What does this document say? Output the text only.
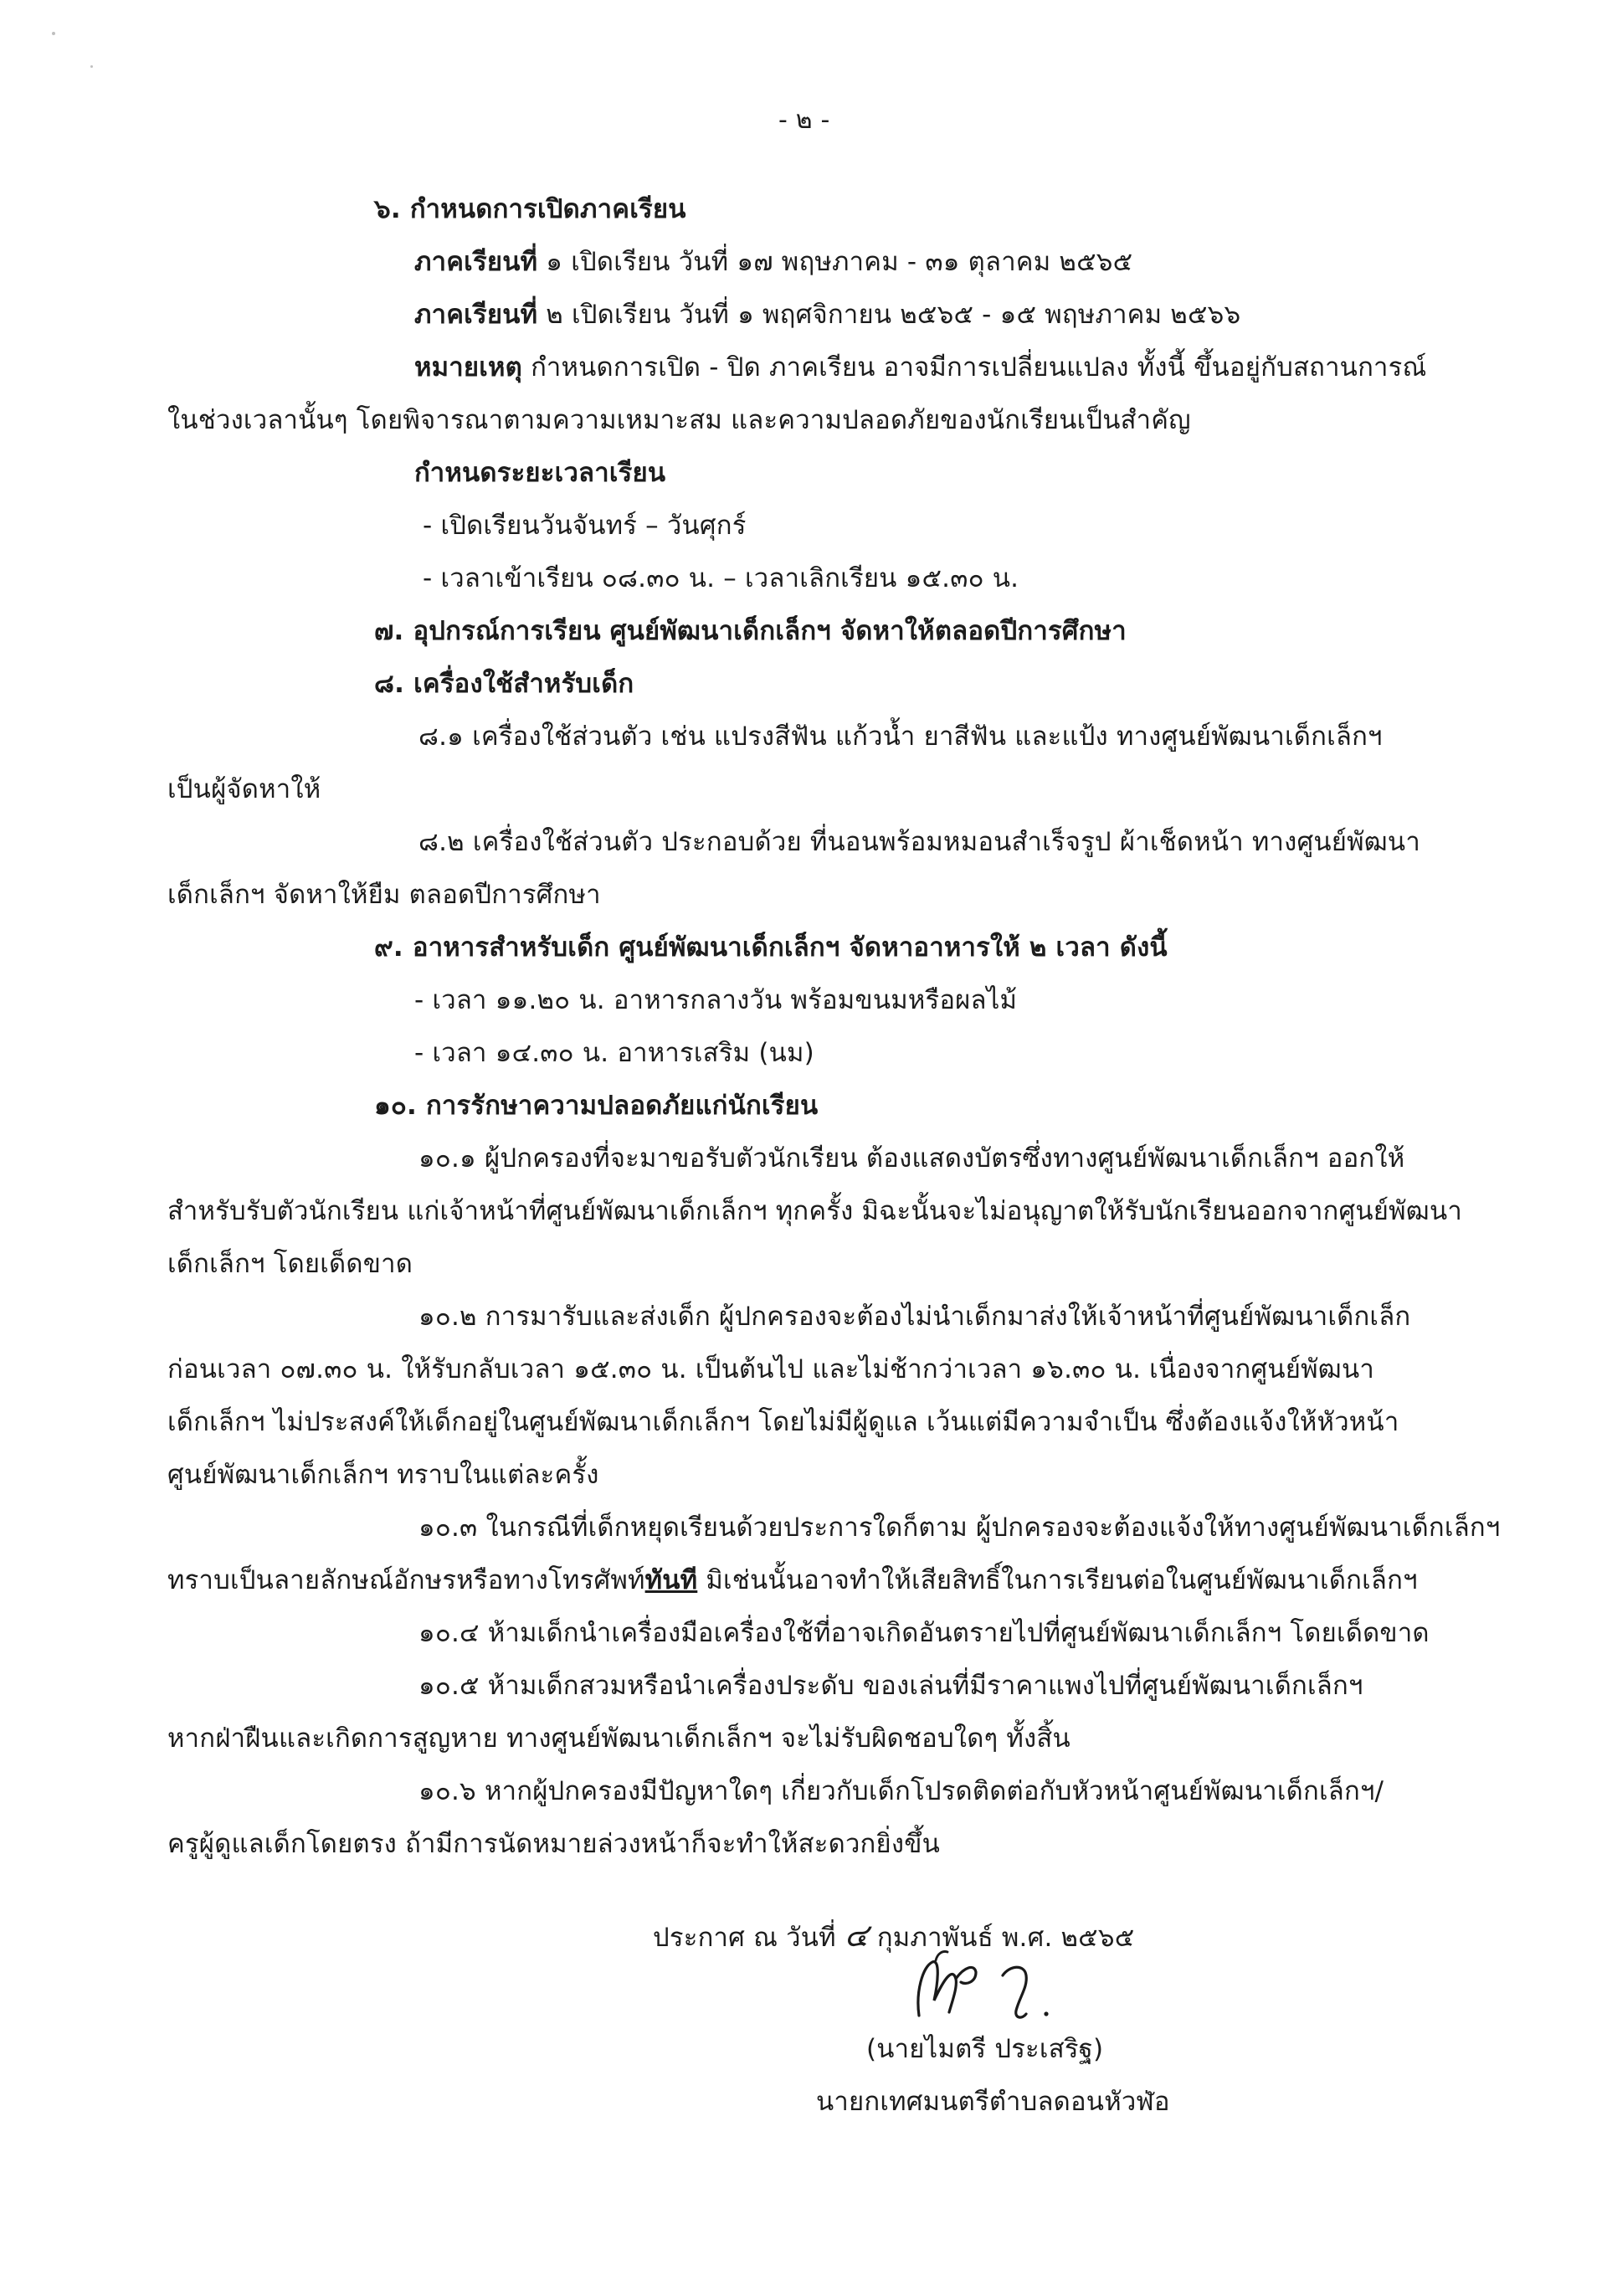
- ๒ -
๖. กำหนดการเปิดภาคเรียน
ภาคเรียนที่ ๑ เปิดเรียน วันที่ ๑๗ พฤษภาคม - ๓๑ ตุลาคม ๒๕๖๕
ภาคเรียนที่ ๒ เปิดเรียน วันที่ ๑ พฤศจิกายน ๒๕๖๕ - ๑๕ พฤษภาคม ๒๕๖๖
หมายเหตุ กำหนดการเปิด - ปิด ภาคเรียน อาจมีการเปลี่ยนแปลง ทั้งนี้ ขึ้นอยู่กับสถานการณ์
ในช่วงเวลานั้นๆ โดยพิจารณาตามความเหมาะสม และความปลอดภัยของนักเรียนเป็นสำคัญ
กำหนดระยะเวลาเรียน
- เปิดเรียนวันจันทร์ – วันศุกร์
- เวลาเข้าเรียน ๐๘.๓๐ น. – เวลาเลิกเรียน ๑๕.๓๐ น.
๗. อุปกรณ์การเรียน ศูนย์พัฒนาเด็กเล็กฯ จัดหาให้ตลอดปีการศึกษา
๘. เครื่องใช้สำหรับเด็ก
๘.๑ เครื่องใช้ส่วนตัว เช่น แปรงสีฟัน แก้วน้ำ ยาสีฟัน และแป้ง ทางศูนย์พัฒนาเด็กเล็กฯ
เป็นผู้จัดหาให้
๘.๒ เครื่องใช้ส่วนตัว ประกอบด้วย ที่นอนพร้อมหมอนสำเร็จรูป ผ้าเช็ดหน้า ทางศูนย์พัฒนา
เด็กเล็กฯ จัดหาให้ยืม ตลอดปีการศึกษา
๙. อาหารสำหรับเด็ก ศูนย์พัฒนาเด็กเล็กฯ จัดหาอาหารให้ ๒ เวลา ดังนี้
- เวลา ๑๑.๒๐ น. อาหารกลางวัน พร้อมขนมหรือผลไม้
- เวลา ๑๔.๓๐ น. อาหารเสริม (นม)
๑๐. การรักษาความปลอดภัยแก่นักเรียน
๑๐.๑ ผู้ปกครองที่จะมาขอรับตัวนักเรียน ต้องแสดงบัตรซึ่งทางศูนย์พัฒนาเด็กเล็กฯ ออกให้
สำหรับรับตัวนักเรียน แก่เจ้าหน้าที่ศูนย์พัฒนาเด็กเล็กฯ ทุกครั้ง มิฉะนั้นจะไม่อนุญาตให้รับนักเรียนออกจากศูนย์พัฒนา
เด็กเล็กฯ โดยเด็ดขาด
๑๐.๒ การมารับและส่งเด็ก ผู้ปกครองจะต้องไม่นำเด็กมาส่งให้เจ้าหน้าที่ศูนย์พัฒนาเด็กเล็ก
ก่อนเวลา ๐๗.๓๐ น. ให้รับกลับเวลา ๑๕.๓๐ น. เป็นต้นไป และไม่ช้ากว่าเวลา ๑๖.๓๐ น. เนื่องจากศูนย์พัฒนา
เด็กเล็กฯ ไม่ประสงค์ให้เด็กอยู่ในศูนย์พัฒนาเด็กเล็กฯ โดยไม่มีผู้ดูแล เว้นแต่มีความจำเป็น ซึ่งต้องแจ้งให้หัวหน้า
ศูนย์พัฒนาเด็กเล็กฯ ทราบในแต่ละครั้ง
๑๐.๓ ในกรณีที่เด็กหยุดเรียนด้วยประการใดก็ตาม ผู้ปกครองจะต้องแจ้งให้ทางศูนย์พัฒนาเด็กเล็กฯ
ทราบเป็นลายลักษณ์อักษรหรือทางโทรศัพท์ทันที มิเช่นนั้นอาจทำให้เสียสิทธิ์ในการเรียนต่อในศูนย์พัฒนาเด็กเล็กฯ
๑๐.๔ ห้ามเด็กนำเครื่องมือเครื่องใช้ที่อาจเกิดอันตรายไปที่ศูนย์พัฒนาเด็กเล็กฯ โดยเด็ดขาด
๑๐.๕ ห้ามเด็กสวมหรือนำเครื่องประดับ ของเล่นที่มีราคาแพงไปที่ศูนย์พัฒนาเด็กเล็กฯ
หากฝ่าฝืนและเกิดการสูญหาย ทางศูนย์พัฒนาเด็กเล็กฯ จะไม่รับผิดชอบใดๆ ทั้งสิ้น
๑๐.๖ หากผู้ปกครองมีปัญหาใดๆ เกี่ยวกับเด็กโปรดติดต่อกับหัวหน้าศูนย์พัฒนาเด็กเล็กฯ/
ครูผู้ดูแลเด็กโดยตรง ถ้ามีการนัดหมายล่วงหน้าก็จะทำให้สะดวกยิ่งขึ้น
ประกาศ ณ วันที่ ๔ กุมภาพันธ์ พ.ศ. ๒๕๖๕
(นายไมตรี ประเสริฐ)
นายกเทศมนตรีตำบลดอนหัวฬ่อ
